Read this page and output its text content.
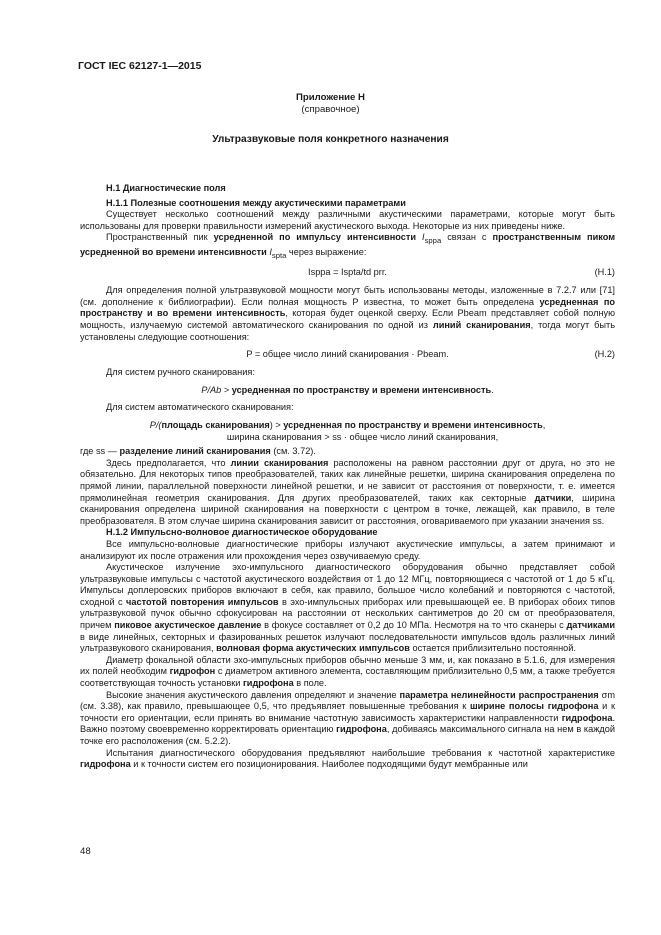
ГОСТ IEC 62127-1—2015
Приложение Н
(справочное)
Ультразвуковые поля конкретного назначения

Н.1 Диагностические поля

Н.1.1 Полезные соотношения между акустическими параметрами

Существует несколько соотношений между различными акустическими параметрами, которые могут быть использованы для проверки правильности измерений акустического выхода. Некоторые из них приведены ниже.

Пространственный пик усредненной по импульсу интенсивности $I_{sppa}$ связан с пространственным пиком усредненной во времени интенсивности $I_{spta}$ через выражение:

Isppa = Ispta/td prr.	(Н.1)

Для определения полной ультразвуковой мощности могут быть использованы методы, изложенные в 7.2.7 или [71] (см. дополнение к библиографии). Если полная мощность P известна, то может быть определена усредненная по пространству и во времени интенсивность, которая будет оценкой сверху. Если Pbeam представляет собой полную мощность, излучаемую системой автоматического сканирования по одной из линий сканирования, тогда могут быть установлены следующие соотношения:

P = общее число линий сканирования · Pbeam.	(Н.2)

Для систем ручного сканирования:

P/Ab > усредненная по пространству и времени интенсивность.

Для систем автоматического сканирования:

P/(площадь сканирования) > усредненная по пространству и времени интенсивность,

ширина сканирования > ss · общее число линий сканирования,

где ss — разделение линий сканирования (см. 3.72).

Здесь предполагается, что линии сканирования расположены на равном расстоянии друг от друга, но это не обязательно. Для некоторых типов преобразователей, таких как линейные решетки, ширина сканирования определена по прямой линии, параллельной поверхности линейной решетки, и не зависит от расстояния от поверхности, т. е. имеется прямолинейная геометрия сканирования. Для других преобразователей, таких как секторные датчики, ширина сканирования определена шириной сканирования на поверхности с центром в точке, лежащей, как правило, в теле преобразователя. В этом случае ширина сканирования зависит от расстояния, оговариваемого при указании значения ss.

Н.1.2 Импульсно-волновое диагностическое оборудование

Все импульсно-волновые диагностические приборы излучают акустические импульсы, а затем принимают и анализируют их после отражения или прохождения через озвучиваемую среду.

Акустическое излучение эхо-импульсного диагностического оборудования обычно представляет собой ультразвуковые импульсы с частотой акустического воздействия от 1 до 12 МГц, повторяющиеся с частотой от 1 до 5 кГц. Импульсы доплеровских приборов включают в себя, как правило, большое число колебаний и повторяются с частотой, сходной с частотой повторения импульсов в эхо-импульсных приборах или превышающей ее. В приборах обоих типов ультразвуковой пучок обычно сфокусирован на расстоянии от нескольких сантиметров до 20 см от преобразователя, причем пиковое акустическое давление в фокусе составляет от 0,2 до 10 МПа. Несмотря на то что сканеры с датчиками в виде линейных, секторных и фазированных решеток излучают последовательности импульсов вдоль различных линий ультразвукового сканирования, волновая форма акустических импульсов остается приблизительно постоянной.

Диаметр фокальной области эхо-импульсных приборов обычно меньше 3 мм, и, как показано в 5.1.6, для измерения их полей необходим гидрофон с диаметром активного элемента, составляющим приблизительно 0,5 мм, а также требуется соответствующая точность установки гидрофона в поле.

Высокие значения акустического давления определяют и значение параметра нелинейности распространения σm (см. 3.38), как правило, превышающее 0,5, что предъявляет повышенные требования к ширине полосы гидрофона и к точности его ориентации, если принять во внимание частотную зависимость характеристики направленности гидрофона. Важно поэтому своевременно корректировать ориентацию гидрофона, добиваясь максимального сигнала на нем в каждой точке его расположения (см. 5.2.2).

Испытания диагностического оборудования предъявляют наибольшие требования к частотной характеристике гидрофона и к точности систем его позиционирования. Наиболее подходящими будут мембранные или

48
